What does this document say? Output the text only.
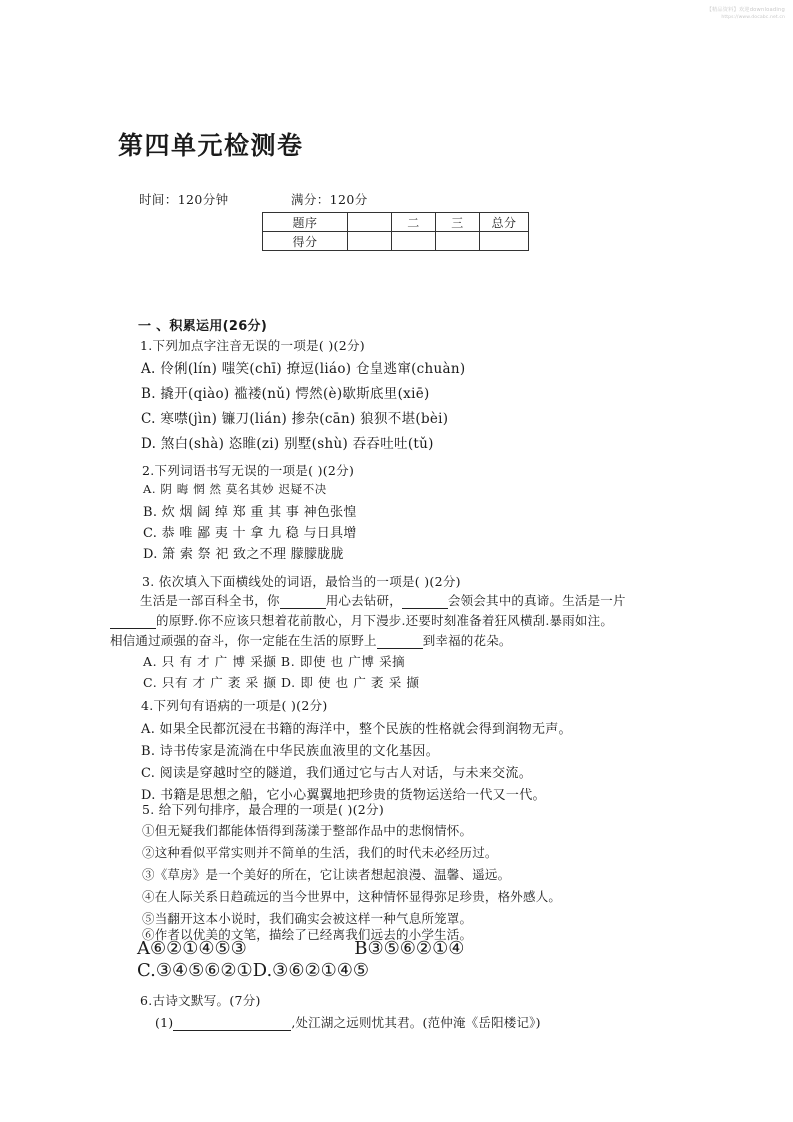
【精品资料】欢迎downloading
https://www.docabc.net.cn
第四单元检测卷
时间：120分钟	满分：120分
题序		二	三	总分
得分				
一 、积累运用(26分)
1.下列加点字注音无误的一项是( )(2分)
A. 伶俐(lín) 嗤笑(chī) 撩逗(liáo) 仓皇逃窜(chuàn)
B. 撬开(qiào) 褴褛(nǔ) 愕然(è)歇斯底里(xiē)
C. 寒噤(jìn) 镰刀(lián) 掺杂(cān) 狼狈不堪(bèi)
D. 煞白(shà) 恣睢(zi) 别墅(shù) 吞吞吐吐(tǔ)
2.下列词语书写无误的一项是( )(2分)
A. 阴 晦 惘 然 莫名其妙 迟疑不决
B. 炊 烟 阔 绰 郑 重 其 事 神色张惶
C. 恭 唯 鄙 夷 十 拿 九 稳 与日具增
D. 箫 索 祭 祀 致之不理 朦朦胧胧
3. 依次填入下面横线处的词语，最恰当的一项是( )(2分)
生活是一部百科全书，你	用心去钻研，	会领会其中的真谛。生活是一片
的原野.你不应该只想着花前散心，月下漫步.还要时刻准备着狂风横刮.暴雨如注。
相信通过顽强的奋斗，你一定能在生活的原野上	到幸福的花朵。
A. 只 有 才 广 博 采撷 B. 即使 也 广博 采摘
C. 只有 才 广 袤 采 撷 D. 即 使 也 广 袤 采 撷
4.下列句有语病的一项是( )(2分)
A. 如果全民都沉浸在书籍的海洋中，整个民族的性格就会得到润物无声。
B. 诗书传家是流淌在中华民族血液里的文化基因。
C. 阅读是穿越时空的隧道，我们通过它与古人对话，与未来交流。
D. 书籍是思想之船，它小心翼翼地把珍贵的货物运送给一代又一代。
5. 给下列句排序，最合理的一项是( )(2分)
①但无疑我们都能体悟得到荡漾于整部作品中的悲悯情怀。
②这种看似平常实则并不简单的生活，我们的时代未必经历过。
③《草房》是一个美好的所在，它让读者想起浪漫、温馨、遥远。
④在人际关系日趋疏远的当今世界中，这种情怀显得弥足珍贵，格外感人。
⑤当翻开这本小说时，我们确实会被这样一种气息所笼罩。
⑥作者以优美的文笔，描绘了已经离我们远去的小学生活。
A⑥②①④⑤③	B③⑤⑥②①④
C.③④⑤⑥②①D.③⑥②①④⑤
6.古诗文默写。(7分)
(1)	,处江湖之远则忧其君。(范仲淹《岳阳楼记》)
